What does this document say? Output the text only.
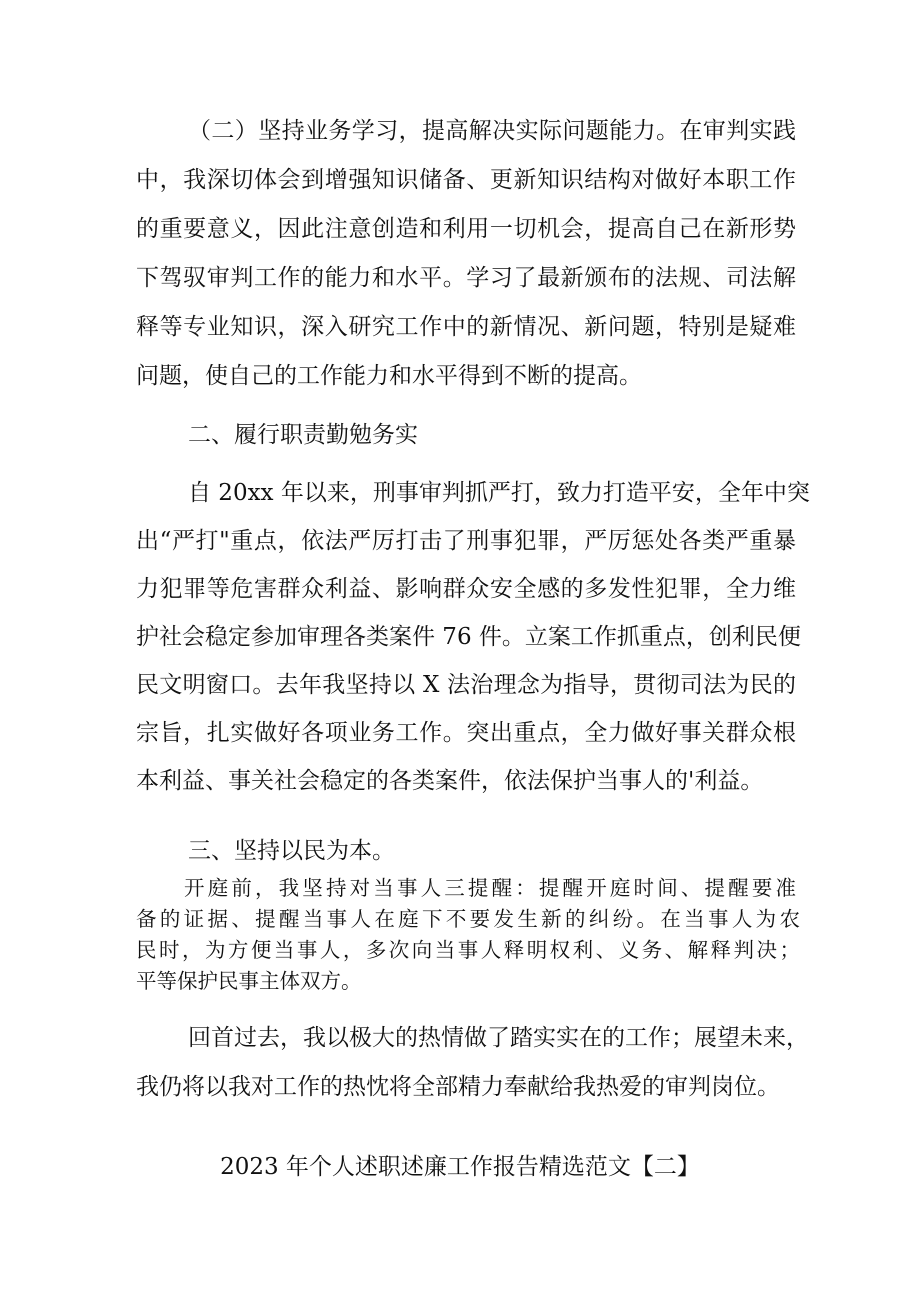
（二）坚持业务学习，提高解决实际问题能力。在审判实践
中，我深切体会到增强知识储备、更新知识结构对做好本职工作
的重要意义，因此注意创造和利用一切机会，提高自己在新形势
下驾驭审判工作的能力和水平。学习了最新颁布的法规、司法解
释等专业知识，深入研究工作中的新情况、新问题，特别是疑难
问题，使自己的工作能力和水平得到不断的提高。
二、履行职责勤勉务实
自 20xx 年以来，刑事审判抓严打，致力打造平安，全年中突
出“严打"重点，依法严厉打击了刑事犯罪，严厉惩处各类严重暴
力犯罪等危害群众利益、影响群众安全感的多发性犯罪，全力维
护社会稳定参加审理各类案件 76 件。立案工作抓重点，创利民便
民文明窗口。去年我坚持以 X 法治理念为指导，贯彻司法为民的
宗旨，扎实做好各项业务工作。突出重点，全力做好事关群众根
本利益、事关社会稳定的各类案件，依法保护当事人的'利益。
三、坚持以民为本。
开庭前，我坚持对当事人三提醒：提醒开庭时间、提醒要准
备的证据、提醒当事人在庭下不要发生新的纠纷。在当事人为农
民时，为方便当事人，多次向当事人释明权利、义务、解释判决；
平等保护民事主体双方。
回首过去，我以极大的热情做了踏实实在的工作；展望未来，
我仍将以我对工作的热忱将全部精力奉献给我热爱的审判岗位。
2023 年个人述职述廉工作报告精选范文【二】
